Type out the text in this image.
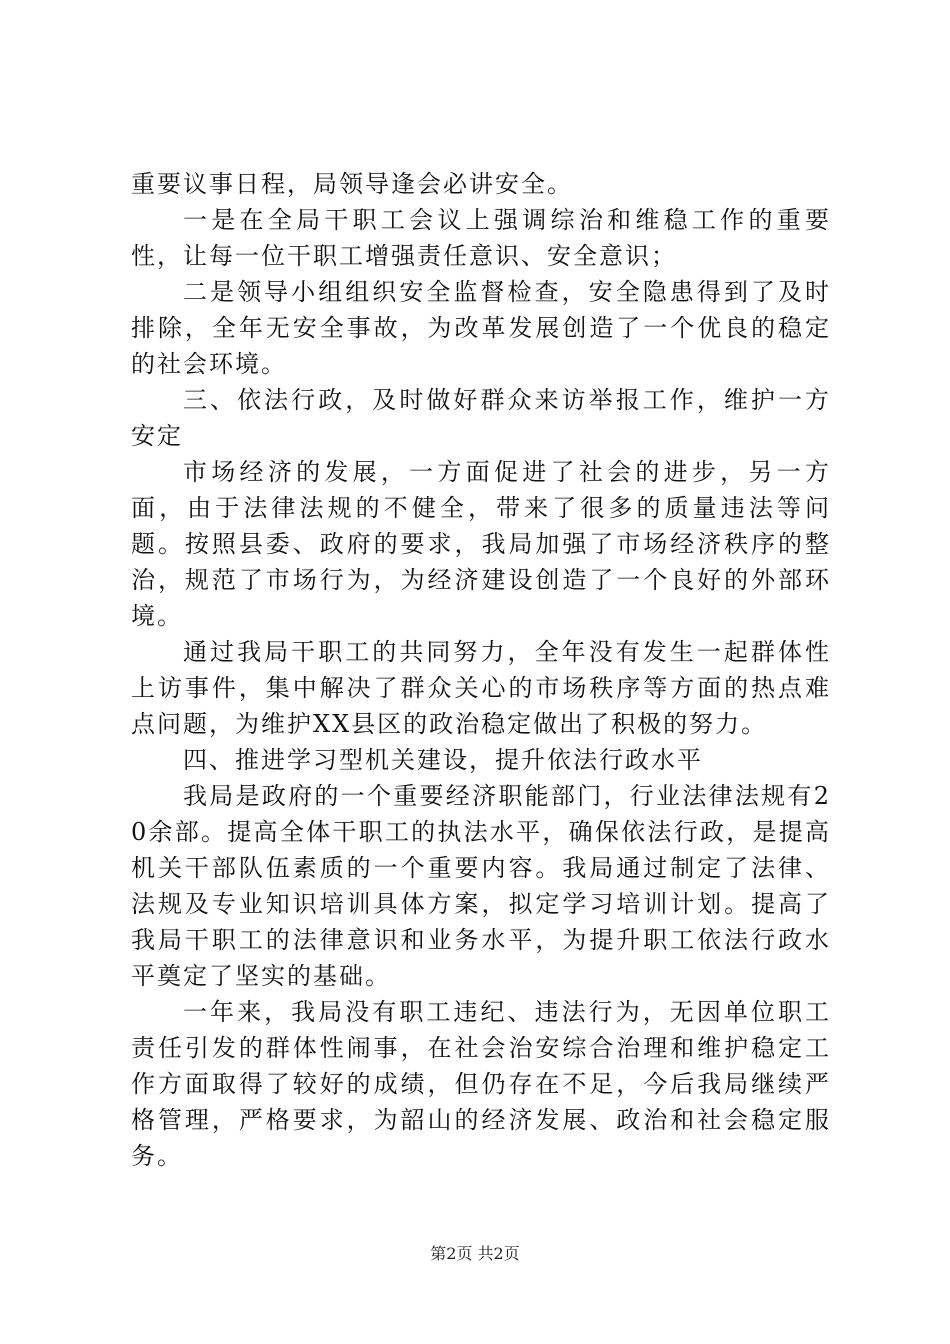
重要议事日程，局领导逢会必讲安全。

一是在全局干职工会议上强调综治和维稳工作的重要性，让每一位干职工增强责任意识、安全意识；

二是领导小组组织安全监督检查，安全隐患得到了及时排除，全年无安全事故，为改革发展创造了一个优良的稳定的社会环境。

三、依法行政，及时做好群众来访举报工作，维护一方安定

市场经济的发展，一方面促进了社会的进步，另一方面，由于法律法规的不健全，带来了很多的质量违法等问题。按照县委、政府的要求，我局加强了市场经济秩序的整治，规范了市场行为，为经济建设创造了一个良好的外部环境。

通过我局干职工的共同努力，全年没有发生一起群体性上访事件，集中解决了群众关心的市场秩序等方面的热点难点问题，为维护XX县区的政治稳定做出了积极的努力。

四、推进学习型机关建设，提升依法行政水平

我局是政府的一个重要经济职能部门，行业法律法规有20余部。提高全体干职工的执法水平，确保依法行政，是提高机关干部队伍素质的一个重要内容。我局通过制定了法律、法规及专业知识培训具体方案，拟定学习培训计划。提高了我局干职工的法律意识和业务水平，为提升职工依法行政水平奠定了坚实的基础。

一年来，我局没有职工违纪、违法行为，无因单位职工责任引发的群体性闹事，在社会治安综合治理和维护稳定工作方面取得了较好的成绩，但仍存在不足，今后我局继续严格管理，严格要求，为韶山的经济发展、政治和社会稳定服务。

第2页 共2页
